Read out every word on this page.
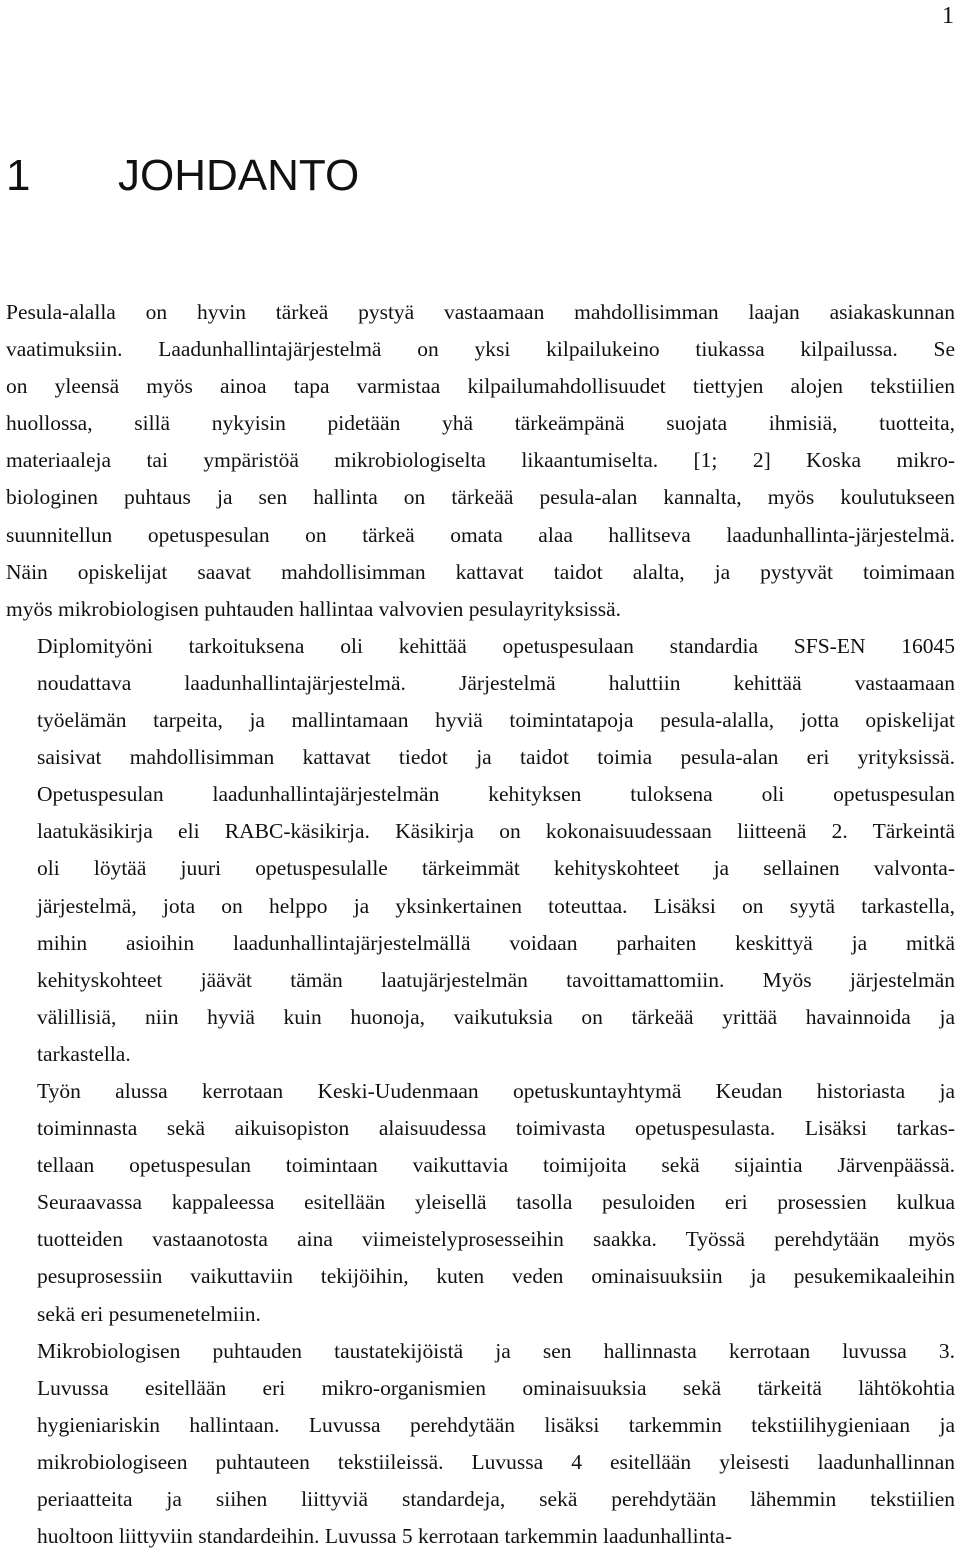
1
1 JOHDANTO

Pesula-alalla on hyvin tärkeä pystyä vastaamaan mahdollisimman laajan asiakaskunnan
vaatimuksiin. Laadunhallintajärjestelmä on yksi kilpailukeino tiukassa kilpailussa. Se
on yleensä myös ainoa tapa varmistaa kilpailumahdollisuudet tiettyjen alojen tekstiilien
huollossa, sillä nykyisin pidetään yhä tärkeämpänä suojata ihmisiä, tuotteita,
materiaaleja tai ympäristöä mikrobiologiselta likaantumiselta. [1; 2] Koska mikro-
biologinen puhtaus ja sen hallinta on tärkeää pesula-alan kannalta, myös koulutukseen
suunnitellun opetuspesulan on tärkeä omata alaa hallitseva laadunhallinta-järjestelmä.
Näin opiskelijat saavat mahdollisimman kattavat taidot alalta, ja pystyvät toimimaan
myös mikrobiologisen puhtauden hallintaa valvovien pesulayrityksissä.

Diplomityöni tarkoituksena oli kehittää opetuspesulaan standardia SFS-EN 16045
noudattava laadunhallintajärjestelmä. Järjestelmä haluttiin kehittää vastaamaan
työelämän tarpeita, ja mallintamaan hyviä toimintatapoja pesula-alalla, jotta opiskelijat
saisivat mahdollisimman kattavat tiedot ja taidot toimia pesula-alan eri yrityksissä.
Opetuspesulan laadunhallintajärjestelmän kehityksen tuloksena oli opetuspesulan
laatukäsikirja eli RABC-käsikirja. Käsikirja on kokonaisuudessaan liitteenä 2. Tärkeintä
oli löytää juuri opetuspesulalle tärkeimmät kehityskohteet ja sellainen valvonta-
järjestelmä, jota on helppo ja yksinkertainen toteuttaa. Lisäksi on syytä tarkastella,
mihin asioihin laadunhallintajärjestelmällä voidaan parhaiten keskittyä ja mitkä
kehityskohteet jäävät tämän laatujärjestelmän tavoittamattomiin. Myös järjestelmän
välillisiä, niin hyviä kuin huonoja, vaikutuksia on tärkeää yrittää havainnoida ja
tarkastella.

Työn alussa kerrotaan Keski-Uudenmaan opetuskuntayhtymä Keudan historiasta ja
toiminnasta sekä aikuisopiston alaisuudessa toimivasta opetuspesulasta. Lisäksi tarkas-
tellaan opetuspesulan toimintaan vaikuttavia toimijoita sekä sijaintia Järvenpäässä.
Seuraavassa kappaleessa esitellään yleisellä tasolla pesuloiden eri prosessien kulkua
tuotteiden vastaanotosta aina viimeistelyprosesseihin saakka. Työssä perehdytään myös
pesuprosessiin vaikuttaviin tekijöihin, kuten veden ominaisuuksiin ja pesukemikaaleihin
sekä eri pesumenetelmiin.

Mikrobiologisen puhtauden taustatekijöistä ja sen hallinnasta kerrotaan luvussa 3.
Luvussa esitellään eri mikro-organismien ominaisuuksia sekä tärkeitä lähtökohtia
hygieniariskin hallintaan. Luvussa perehdytään lisäksi tarkemmin tekstiilihygieniaan ja
mikrobiologiseen puhtauteen tekstiileissä. Luvussa 4 esitellään yleisesti laadunhallinnan
periaatteita ja siihen liittyviä standardeja, sekä perehdytään lähemmin tekstiilien
huoltoon liittyviin standardeihin. Luvussa 5 kerrotaan tarkemmin laadunhallinta-
